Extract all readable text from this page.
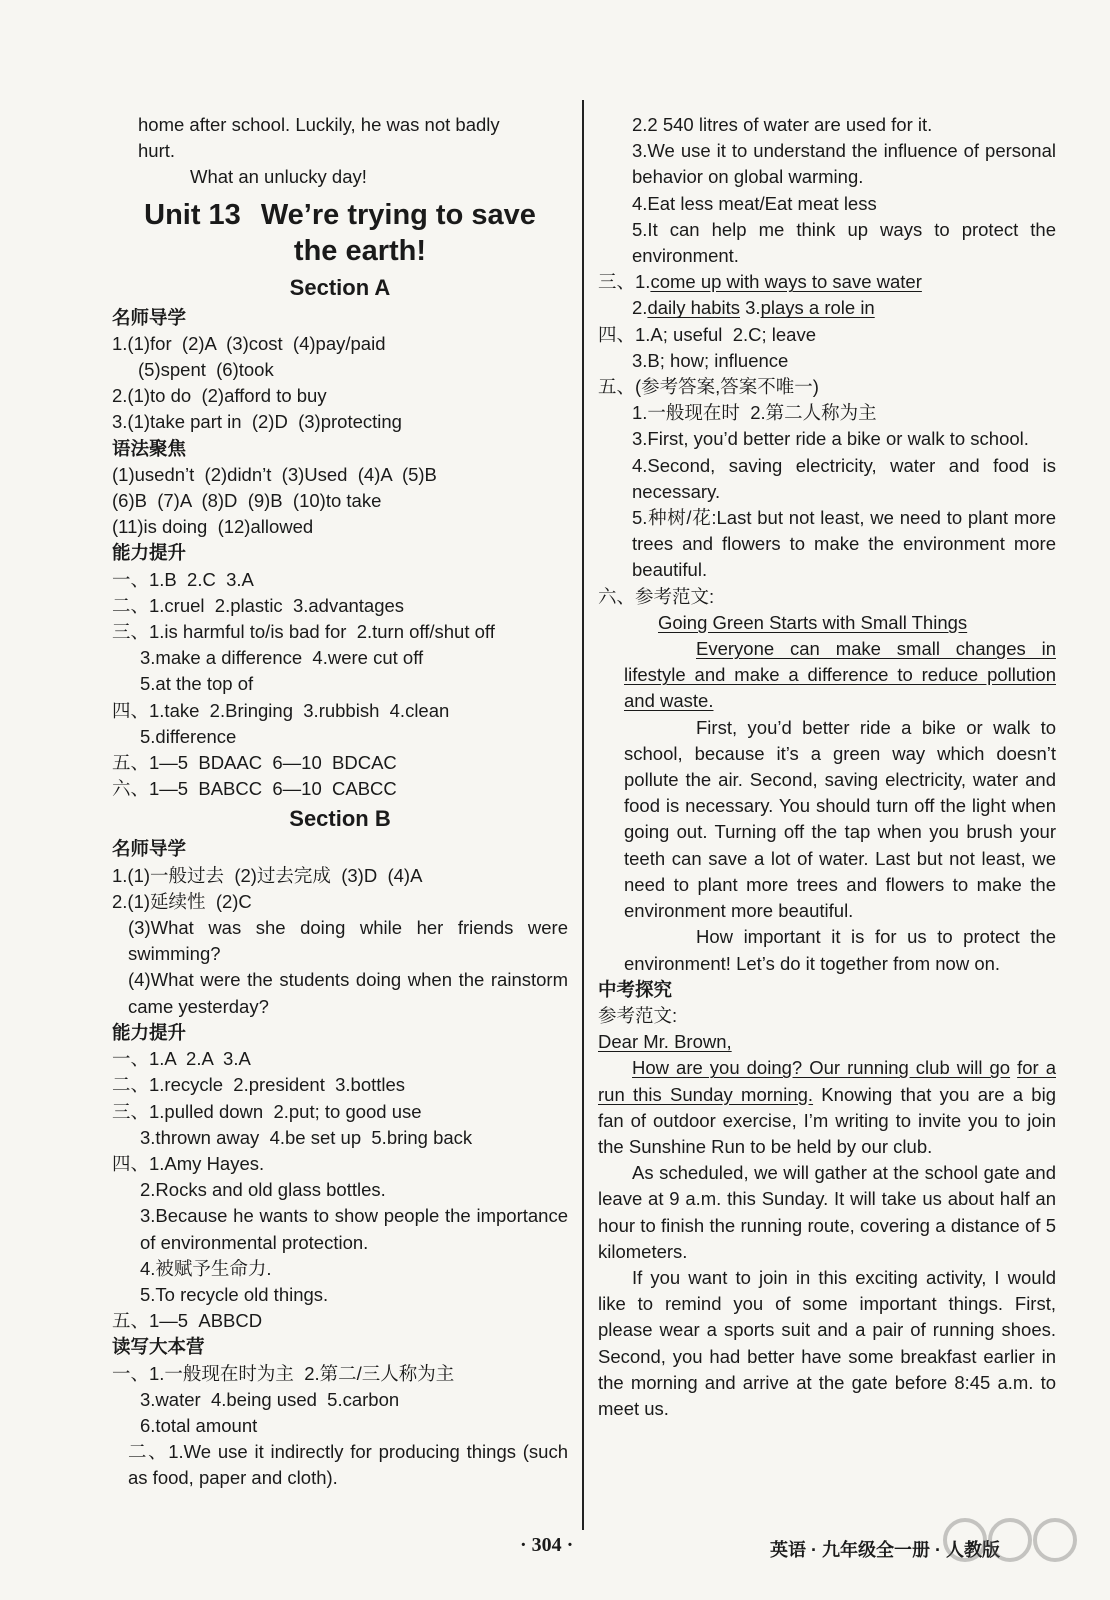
home after school. Luckily, he was not badly
hurt.
What an unlucky day!
Unit 13 We’re trying to save
the earth!
Section A
名师导学
1.(1)for  (2)A  (3)cost  (4)pay/paid
(5)spent  (6)took
2.(1)to do  (2)afford to buy
3.(1)take part in  (2)D  (3)protecting
语法聚焦
(1)usedn’t  (2)didn’t  (3)Used  (4)A  (5)B
(6)B  (7)A  (8)D  (9)B  (10)to take
(11)is doing  (12)allowed
能力提升
一、1.B  2.C  3.A
二、1.cruel  2.plastic  3.advantages
三、1.is harmful to/is bad for  2.turn off/shut off
3.make a difference  4.were cut off
5.at the top of
四、1.take  2.Bringing  3.rubbish  4.clean
5.difference
五、1—5  BDAAC  6—10  BDCAC
六、1—5  BABCC  6—10  CABCC
Section B
名师导学
1.(1)一般过去  (2)过去完成  (3)D  (4)A
2.(1)延续性  (2)C
(3)What was she doing while her friends were swimming?
(4)What were the students doing when the rainstorm came yesterday?
能力提升
一、1.A  2.A  3.A
二、1.recycle  2.president  3.bottles
三、1.pulled down  2.put; to good use
3.thrown away  4.be set up  5.bring back
四、1.Amy Hayes.
2.Rocks and old glass bottles.
3.Because he wants to show people the importance of environmental protection.
4.被赋予生命力.
5.To recycle old things.
五、1—5  ABBCD
读写大本营
一、1.一般现在时为主  2.第二/三人称为主
3.water  4.being used  5.carbon
6.total amount
二、1.We use it indirectly for producing things (such as food, paper and cloth).
2.2 540 litres of water are used for it.
3.We use it to understand the influence of personal behavior on global warming.
4.Eat less meat/Eat meat less
5.It can help me think up ways to protect the environment.
三、1.come up with ways to save water
2.daily habits 3.plays a role in
四、1.A; useful  2.C; leave
3.B; how; influence
五、(参考答案,答案不唯一)
1.一般现在时  2.第二人称为主
3.First, you’d better ride a bike or walk to school.
4.Second, saving electricity, water and food is necessary.
5.种树/花:Last but not least, we need to plant more trees and flowers to make the environment more beautiful.
六、参考范文:
Going Green Starts with Small Things
Everyone can make small changes in lifestyle and make a difference to reduce pollution and waste.
First, you’d better ride a bike or walk to school, because it’s a green way which doesn’t pollute the air. Second, saving electricity, water and food is necessary. You should turn off the light when going out. Turning off the tap when you brush your teeth can save a lot of water. Last but not least, we need to plant more trees and flowers to make the environment more beautiful.
How important it is for us to protect the environment! Let’s do it together from now on.
中考探究
参考范文:
Dear Mr. Brown,
How are you doing? Our running club will go for a run this Sunday morning. Knowing that you are a big fan of outdoor exercise, I’m writing to invite you to join the Sunshine Run to be held by our club.
As scheduled, we will gather at the school gate and leave at 9 a.m. this Sunday. It will take us about half an hour to finish the running route, covering a distance of 5 kilometers.
If you want to join in this exciting activity, I would like to remind you of some important things. First, please wear a sports suit and a pair of running shoes. Second, you had better have some breakfast earlier in the morning and arrive at the gate before 8:45 a.m. to meet us.
· 304 ·	英语 · 九年级全一册 · 人教版
